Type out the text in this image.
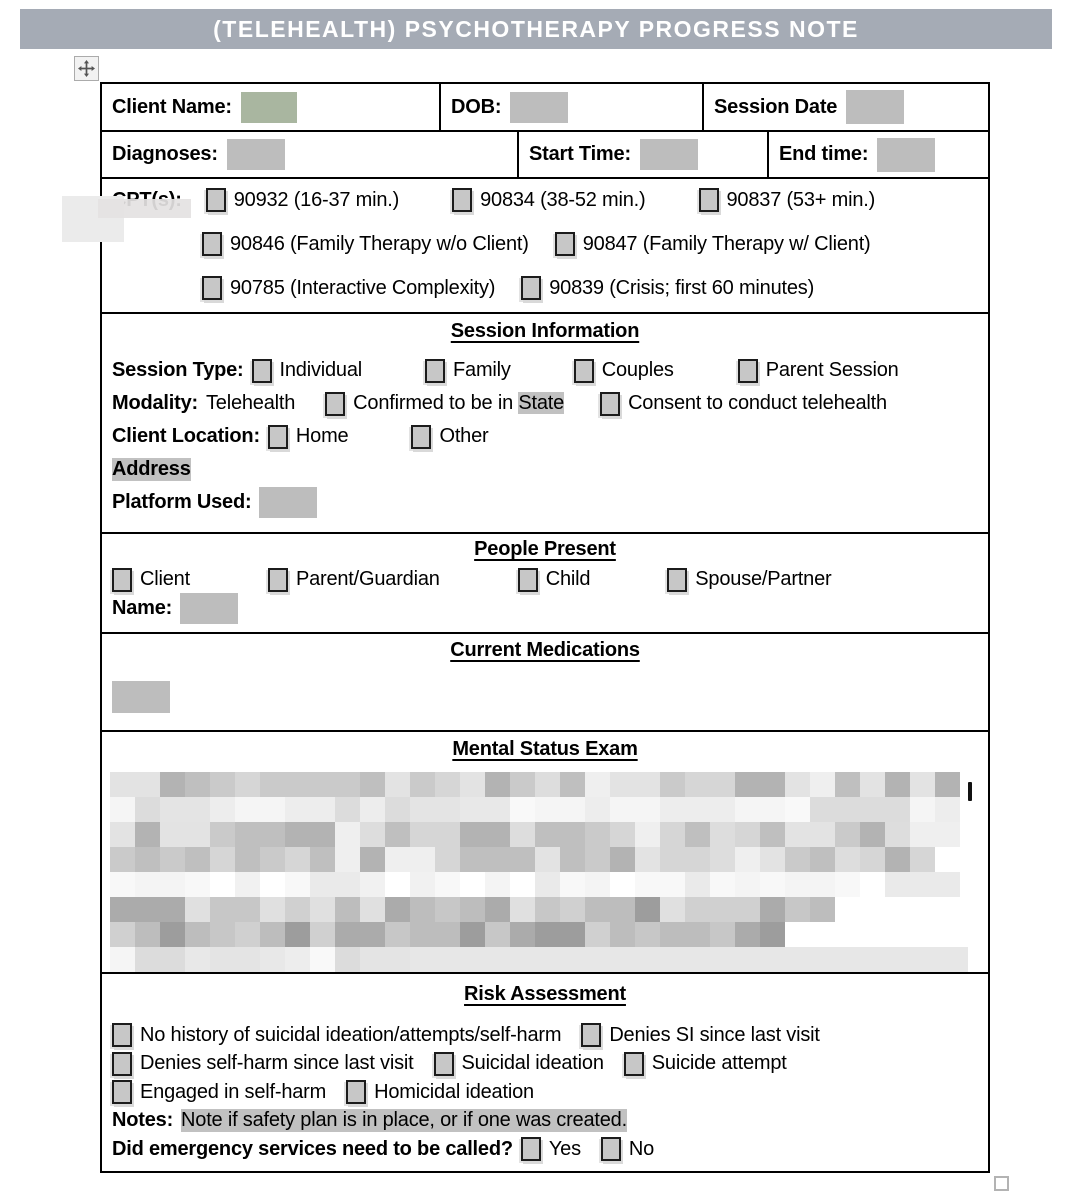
(TELEHEALTH) PSYCHOTHERAPY PROGRESS NOTE
Client Name:	DOB:	Session Date
Diagnoses:	Start Time:	End time:
90932 (16-37 min.)	90834 (38-52 min.)	90837 (53+ min.)
90846 (Family Therapy w/o Client)	90847 (Family Therapy w/ Client)
90785 (Interactive Complexity)	90839 (Crisis; first 60 minutes)
Session Information
Session Type: Individual	Family	Couples	Parent Session
Modality: Telehealth	Confirmed to be in State	Consent to conduct telehealth
Client Location: Home	Other
Address
Platform Used:
People Present
Client	Parent/Guardian	Child	Spouse/Partner
Name:
Current Medications
Mental Status Exam
Risk Assessment
No history of suicidal ideation/attempts/self-harm Denies SI since last visit
Denies self-harm since last visit Suicidal ideation Suicide attempt
Engaged in self-harm Homicidal ideation
Notes: Note if safety plan is in place, or if one was created.
Did emergency services need to be called? Yes No
